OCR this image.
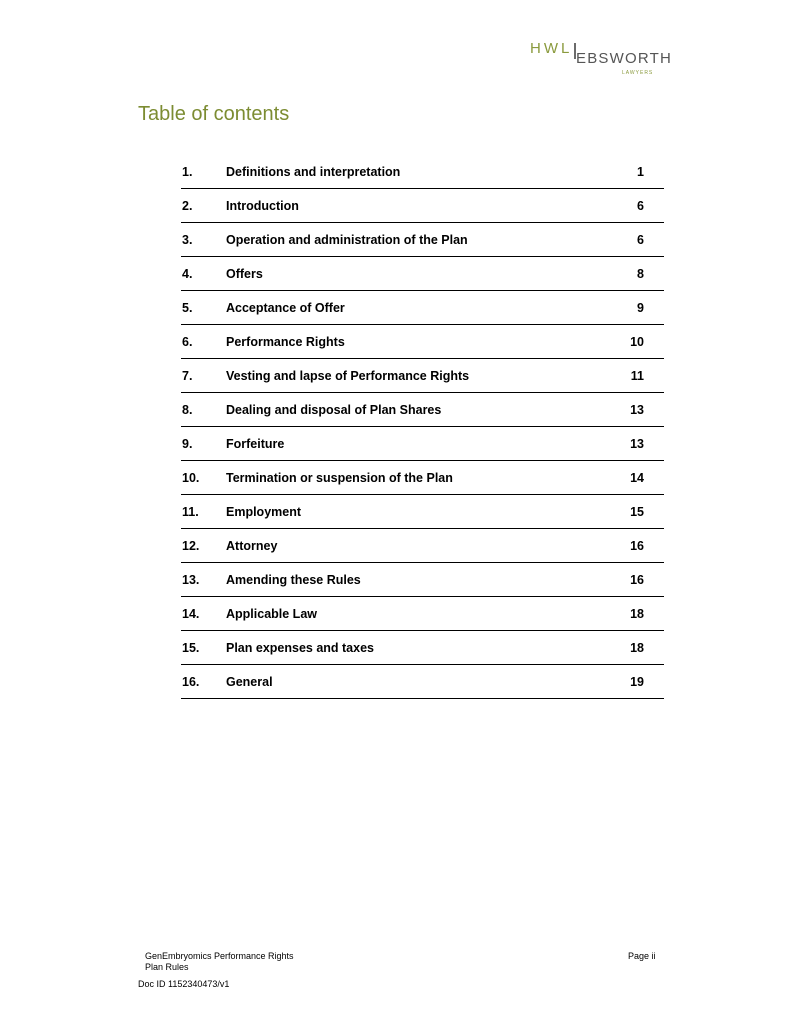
HWL
EBSWORTH
LAWYERS
Table of contents
1.	Definitions and interpretation	1
2.	Introduction	6
3.	Operation and administration of the Plan	6
4.	Offers	8
5.	Acceptance of Offer	9
6.	Performance Rights	10
7.	Vesting and lapse of Performance Rights	11
8.	Dealing and disposal of Plan Shares	13
9.	Forfeiture	13
10. Termination or suspension of the Plan	14
11. Employment	15
12. Attorney	16
13. Amending these Rules	16
14. Applicable Law	18
15. Plan expenses and taxes	18
16. General	19
GenEmbryomics Performance Rights Plan Rules
Page ii
Doc ID 1152340473/v1
